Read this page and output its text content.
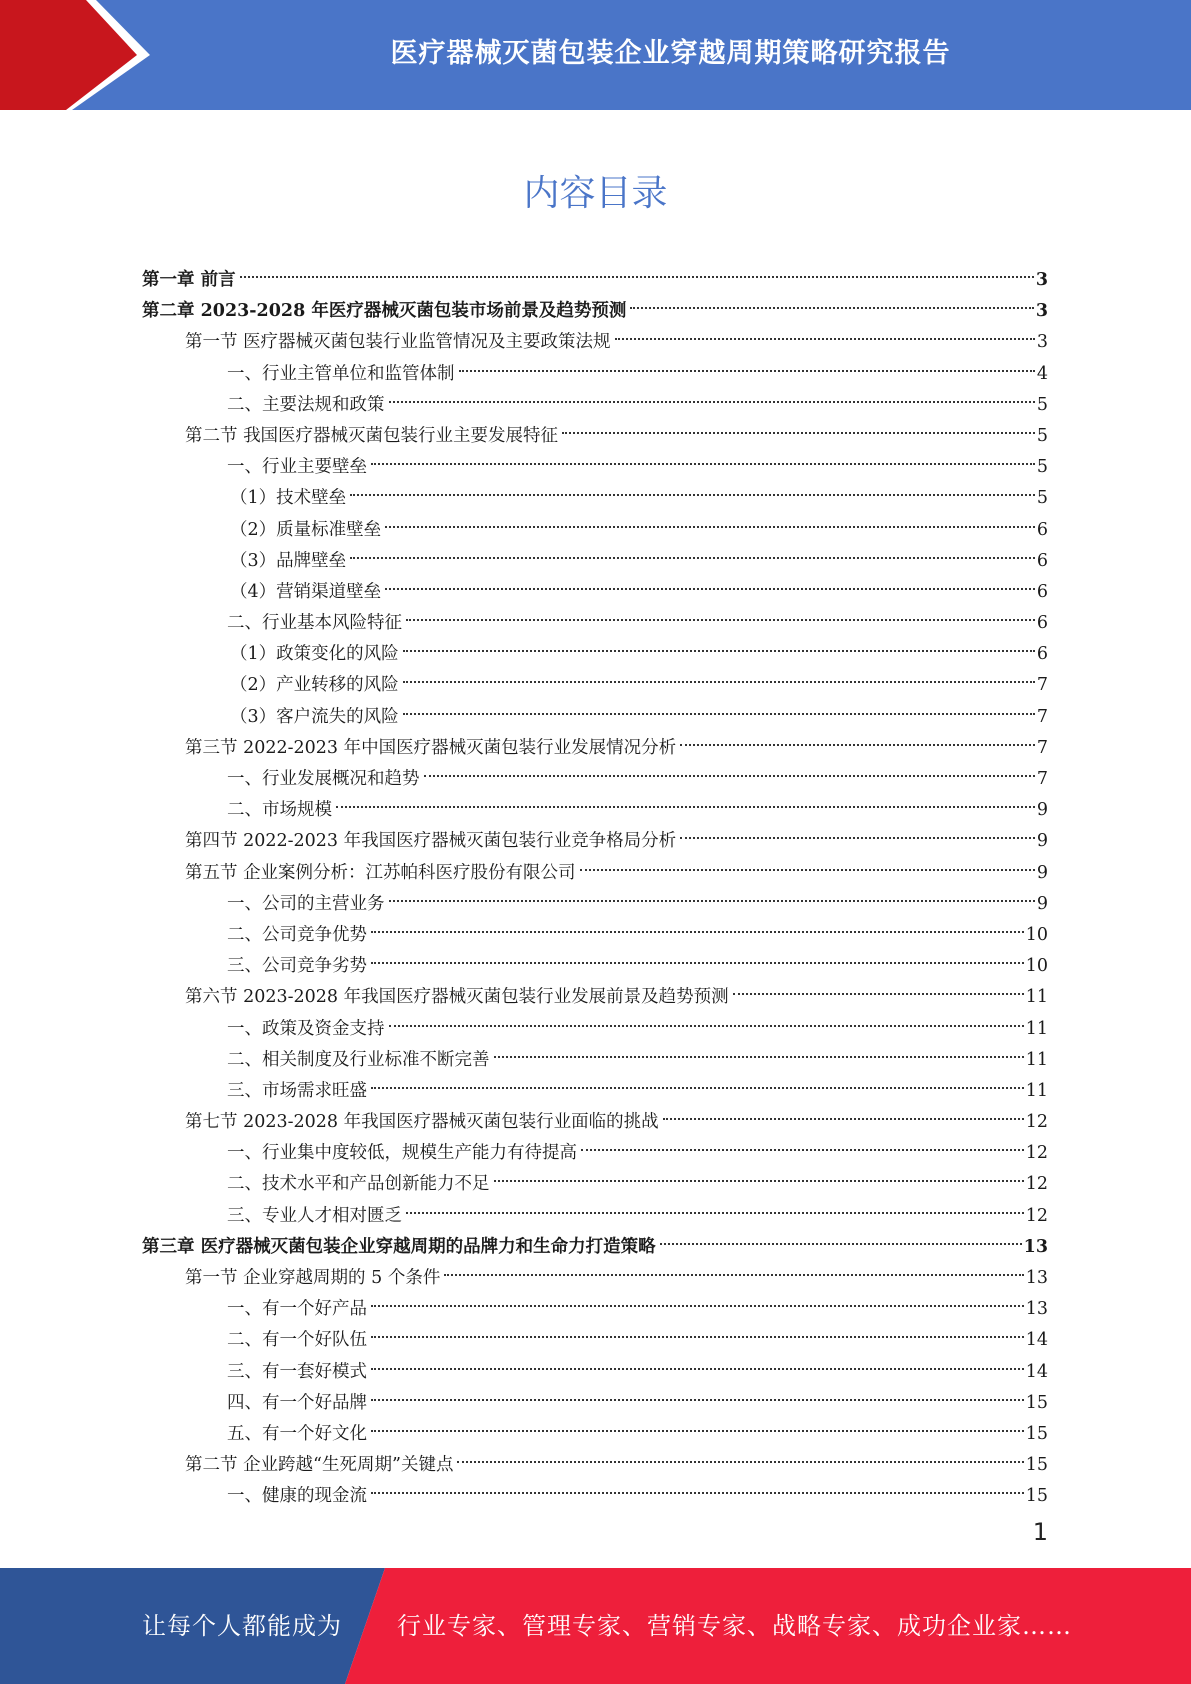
医疗器械灭菌包装企业穿越周期策略研究报告
内容目录
第一章 前言	3
第二章 2023-2028 年医疗器械灭菌包装市场前景及趋势预测	3
第一节 医疗器械灭菌包装行业监管情况及主要政策法规	3
一、行业主管单位和监管体制	4
二、主要法规和政策	5
第二节 我国医疗器械灭菌包装行业主要发展特征	5
一、行业主要壁垒	5
（1）技术壁垒	5
（2）质量标准壁垒	6
（3）品牌壁垒	6
（4）营销渠道壁垒	6
二、行业基本风险特征	6
（1）政策变化的风险	6
（2）产业转移的风险	7
（3）客户流失的风险	7
第三节 2022-2023 年中国医疗器械灭菌包装行业发展情况分析	7
一、行业发展概况和趋势	7
二、市场规模	9
第四节 2022-2023 年我国医疗器械灭菌包装行业竞争格局分析	9
第五节 企业案例分析：江苏帕科医疗股份有限公司	9
一、公司的主营业务	9
二、公司竞争优势	10
三、公司竞争劣势	10
第六节 2023-2028 年我国医疗器械灭菌包装行业发展前景及趋势预测	11
一、政策及资金支持	11
二、相关制度及行业标准不断完善	11
三、市场需求旺盛	11
第七节 2023-2028 年我国医疗器械灭菌包装行业面临的挑战	12
一、行业集中度较低，规模生产能力有待提高	12
二、技术水平和产品创新能力不足	12
三、专业人才相对匮乏	12
第三章 医疗器械灭菌包装企业穿越周期的品牌力和生命力打造策略	13
第一节 企业穿越周期的 5 个条件	13
一、有一个好产品	13
二、有一个好队伍	14
三、有一套好模式	14
四、有一个好品牌	15
五、有一个好文化	15
第二节 企业跨越“生死周期”关键点	15
一、健康的现金流	15
1
让每个人都能成为 行业专家、管理专家、营销专家、战略专家、成功企业家……
